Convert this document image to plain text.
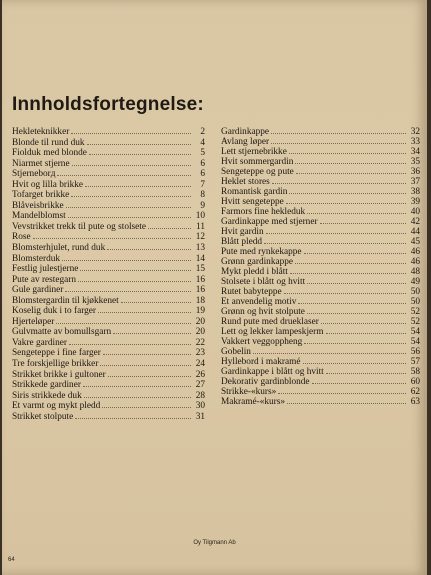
Innholdsfortegnelse:
Hekleteknikker	2
Blonde til rund duk	4
Fiolduk med blonde	5
Niarmet stjerne	6
Stjerneborд	6
Hvit og lilla brikke	7
Tofarget brikke	8
Blåveisbrikke	9
Mandelblomst	10
Vevstrikket trekk til pute og stolsete	11
Rose	12
Blomsterhjulet, rund duk	13
Blomsterduk	14
Festlig julestjerne	15
Pute av restegarn	16
Gule gardiner	16
Blomstergardin til kjøkkenet	18
Koselig duk i to farger	19
Hjerteløper	20
Gulvmatte av bomullsgarn	20
Vakre gardiner	22
Sengeteppe i fine farger	23
Tre forskjellige brikker	24
Strikket brikke i gultoner	26
Strikkede gardiner	27
Siris strikkede duk	28
Et varmt og mykt pledd	30
Strikket stolpute	31
Gardinkappe	32
Avlang løper	33
Lett stjernebrikke	34
Hvit sommergardin	35
Sengeteppe og pute	36
Heklet stores	37
Romantisk gardin	38
Hvitt sengeteppe	39
Farmors fine hekleduk	40
Gardinkappe med stjerner	42
Hvit gardin	44
Blått pledd	45
Pute med rynkekappe	46
Grønn gardinkappe	46
Mykt pledd i blått	48
Stolsete i blått og hvitt	49
Rutet babyteppe	50
Et anvendelig motiv	50
Grønn og hvit stolpute	52
Rund pute med drueklaser	52
Lett og lekker lampeskjerm	54
Vakkert veggoppheng	54
Gobelin	56
Hyllebord i makramé	57
Gardinkappe i blått og hvitt	58
Dekorativ gardinblonde	60
Strikke-«kurs»	62
Makramé-«kurs»	63
Oy Tilgmann Ab
64
